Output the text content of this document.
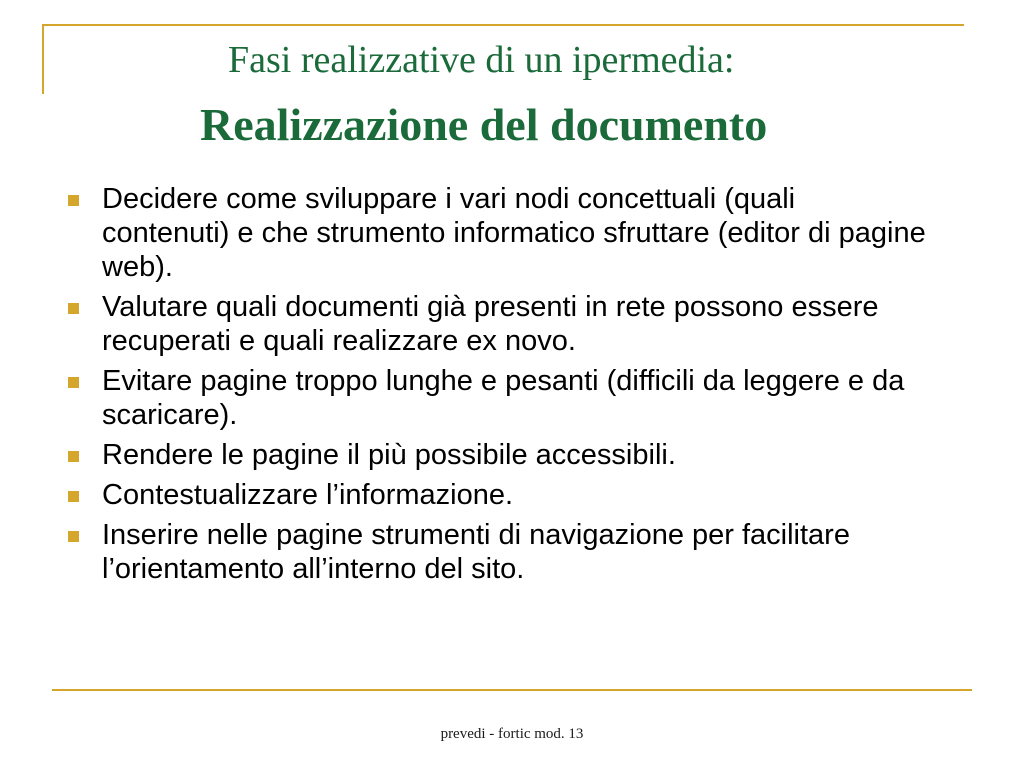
Fasi realizzative di un ipermedia:
Realizzazione del documento
Decidere come sviluppare i vari nodi concettuali (quali contenuti) e che strumento informatico sfruttare (editor di pagine web).
Valutare quali documenti già presenti in rete possono essere recuperati e quali realizzare ex novo.
Evitare pagine troppo lunghe e pesanti (difficili da leggere e da scaricare).
Rendere le pagine il più possibile accessibili.
Contestualizzare l’informazione.
Inserire nelle pagine strumenti di navigazione per facilitare l’orientamento all’interno del sito.
prevedi - fortic mod. 13
